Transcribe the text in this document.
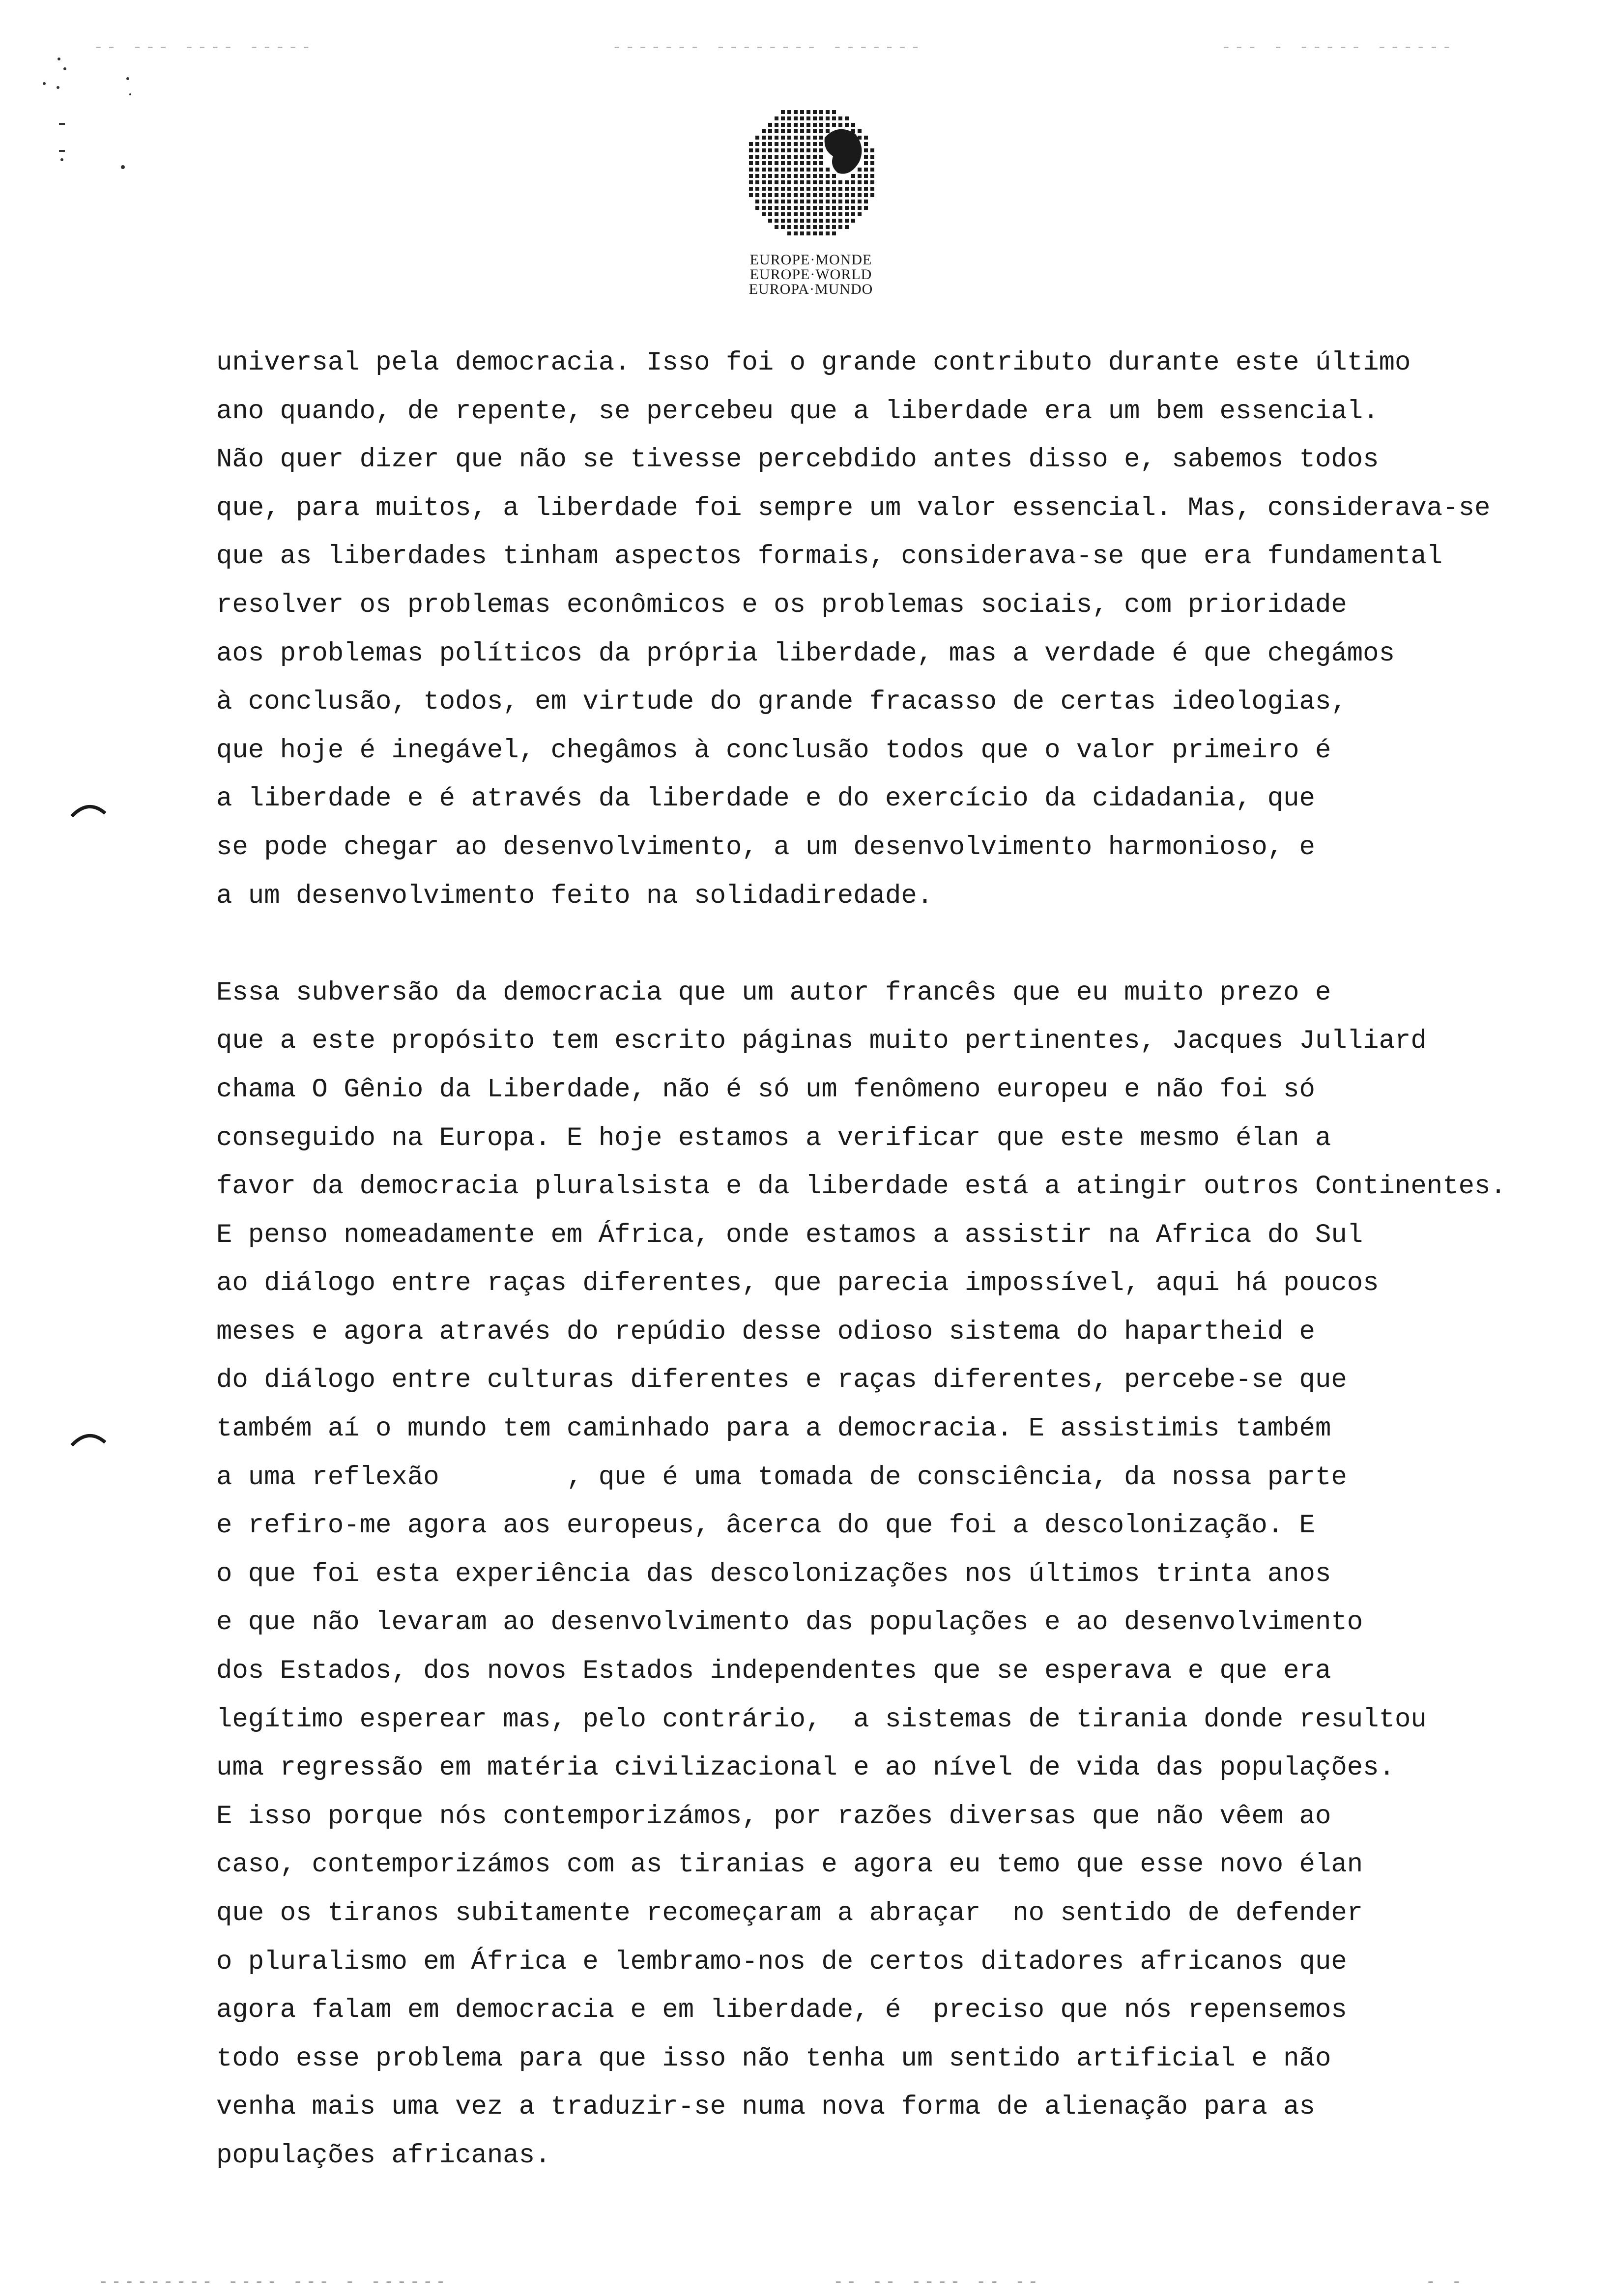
-- --- ---- -----	------- -------- -------	--- - ----- ------
EUROPE·MONDE
EUROPE·WORLD
EUROPA·MUNDO
universal pela democracia. Isso foi o grande contributo durante este último
ano quando, de repente, se percebeu que a liberdade era um bem essencial.
Não quer dizer que não se tivesse percebdido antes disso e, sabemos todos
que, para muitos, a liberdade foi sempre um valor essencial. Mas, considerava-se
que as liberdades tinham aspectos formais, considerava-se que era fundamental
resolver os problemas econômicos e os problemas sociais, com prioridade
aos problemas políticos da própria liberdade, mas a verdade é que chegámos
à conclusão, todos, em virtude do grande fracasso de certas ideologias,
que hoje é inegável, chegâmos à conclusão todos que o valor primeiro é
a liberdade e é através da liberdade e do exercício da cidadania, que
se pode chegar ao desenvolvimento, a um desenvolvimento harmonioso, e
a um desenvolvimento feito na solidadiredade.
Essa subversão da democracia que um autor francês que eu muito prezo e
que a este propósito tem escrito páginas muito pertinentes, Jacques Julliard
chama O Gênio da Liberdade, não é só um fenômeno europeu e não foi só
conseguido na Europa. E hoje estamos a verificar que este mesmo élan a
favor da democracia pluralsista e da liberdade está a atingir outros Continentes.
E penso nomeadamente em África, onde estamos a assistir na Africa do Sul
ao diálogo entre raças diferentes, que parecia impossível, aqui há poucos
meses e agora através do repúdio desse odioso sistema do hapartheid e
do diálogo entre culturas diferentes e raças diferentes, percebe-se que
também aí o mundo tem caminhado para a democracia. E assistimis também
a uma reflexão        , que é uma tomada de consciência, da nossa parte
e refiro-me agora aos europeus, âcerca do que foi a descolonização. E
o que foi esta experiência das descolonizações nos últimos trinta anos
e que não levaram ao desenvolvimento das populações e ao desenvolvimento
dos Estados, dos novos Estados independentes que se esperava e que era
legítimo esperear mas, pelo contrário,  a sistemas de tirania donde resultou
uma regressão em matéria civilizacional e ao nível de vida das populações.
E isso porque nós contemporizámos, por razões diversas que não vêem ao
caso, contemporizámos com as tiranias e agora eu temo que esse novo élan
que os tiranos subitamente recomeçaram a abraçar  no sentido de defender
o pluralismo em África e lembramo-nos de certos ditadores africanos que
agora falam em democracia e em liberdade, é  preciso que nós repensemos
todo esse problema para que isso não tenha um sentido artificial e não
venha mais uma vez a traduzir-se numa nova forma de alienação para as
populações africanas.
--------- ---- --- - ------	-- -- ---- -- --	- -
